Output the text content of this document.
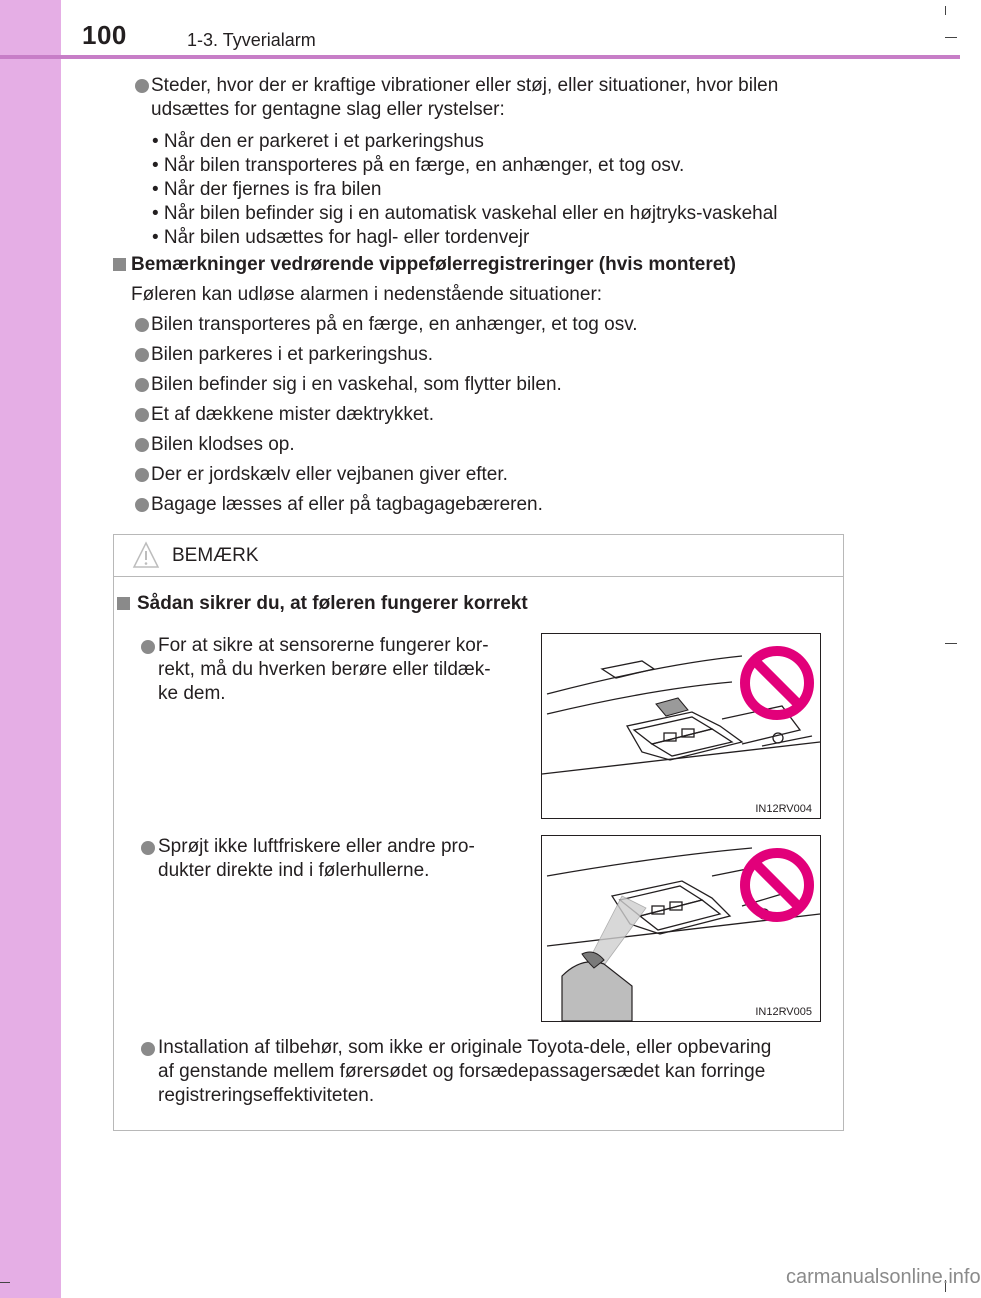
100	1-3. Tyverialarm
Steder, hvor der er kraftige vibrationer eller støj, eller situationer, hvor bilen
udsættes for gentagne slag eller rystelser:
• Når den er parkeret i et parkeringshus
• Når bilen transporteres på en færge, en anhænger, et tog osv.
• Når der fjernes is fra bilen
• Når bilen befinder sig i en automatisk vaskehal eller en højtryks-vaskehal
• Når bilen udsættes for hagl- eller tordenvejr
Bemærkninger vedrørende vippefølerregistreringer (hvis monteret)
Føleren kan udløse alarmen i nedenstående situationer:
Bilen transporteres på en færge, en anhænger, et tog osv.
Bilen parkeres i et parkeringshus.
Bilen befinder sig i en vaskehal, som flytter bilen.
Et af dækkene mister dæktrykket.
Bilen klodses op.
Der er jordskælv eller vejbanen giver efter.
Bagage læsses af eller på tagbagagebæreren.
BEMÆRK
Sådan sikrer du, at føleren fungerer korrekt
For at sikre at sensorerne fungerer kor-
rekt, må du hverken berøre eller tildæk-
ke dem.
IN12RV004
Sprøjt ikke luftfriskere eller andre pro-
dukter direkte ind i følerhullerne.
IN12RV005
Installation af tilbehør, som ikke er originale Toyota-dele, eller opbevaring
af genstande mellem førersødet og forsædepassagersædet kan forringe
registreringseffektiviteten.
carmanualsonline.info
